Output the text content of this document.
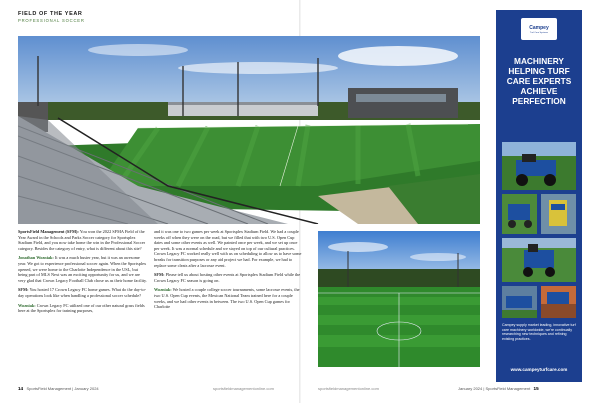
FIELD OF THE YEAR
PROFESSIONAL SOCCER

SportsField Management (SFM): You won the 2022 SFMA Field of the Year Award in the Schools and Parks Soccer category for Sportsplex Stadium Field, and you now take home the win in the Professional Soccer category. Besides the category of entry, what is different about this site?

Jonathan Wozniak: It was a much busier year, but it was an awesome year. We got to experience professional soccer again. When the Sportsplex opened, we were home to the Charlotte Independence in the USL, but being part of MLS Next was an exciting opportunity for us, and we are very glad that Crown Legacy Football Club chose us as their home facility.

SFM: You hosted 17 Crown Legacy FC home games. What do the day-to-day operations look like when handling a professional soccer schedule?

Wozniak: Crown Legacy FC utilized one of our other natural grass fields here at the Sportsplex for training purposes,

and it was one to two games per week at Sportsplex Stadium Field. We had a couple weeks off when they were on the road, but we filled that with two U.S. Open Cup dates and some other events as well. We painted once per week, and we set up once per week. It was a normal schedule and we stayed on top of our cultural practices. Crown Legacy FC worked really well with us on scheduling to allow us to have some breaks for transition purposes or any aid project we had. For example, we had to replace some cleats after a lacrosse event.

SFM: Please tell us about hosting other events at Sportsplex Stadium Field while the Crown Legacy FC season is going on.

Wozniak: We hosted a couple college soccer tournaments, some lacrosse events, the two U.S. Open Cup events, the Mexican National Team trained here for a couple weeks, and we had other events in between. The two U.S. Open Cup games for Charlotte

14 SportsField Management | January 2024	sportsfieldmanagementonline.com	sportsfieldmanagementonline.com	January 2024 | SportsField Management 15
Campey
Turf Care Systems
MACHINERY
HELPING TURF
CARE EXPERTS
ACHIEVE
PERFECTION
Campey supply market leading, innovative turf care machinery worldwide, we're continually researching new techniques and refining existing practices.
www.campeyturfcare.com
